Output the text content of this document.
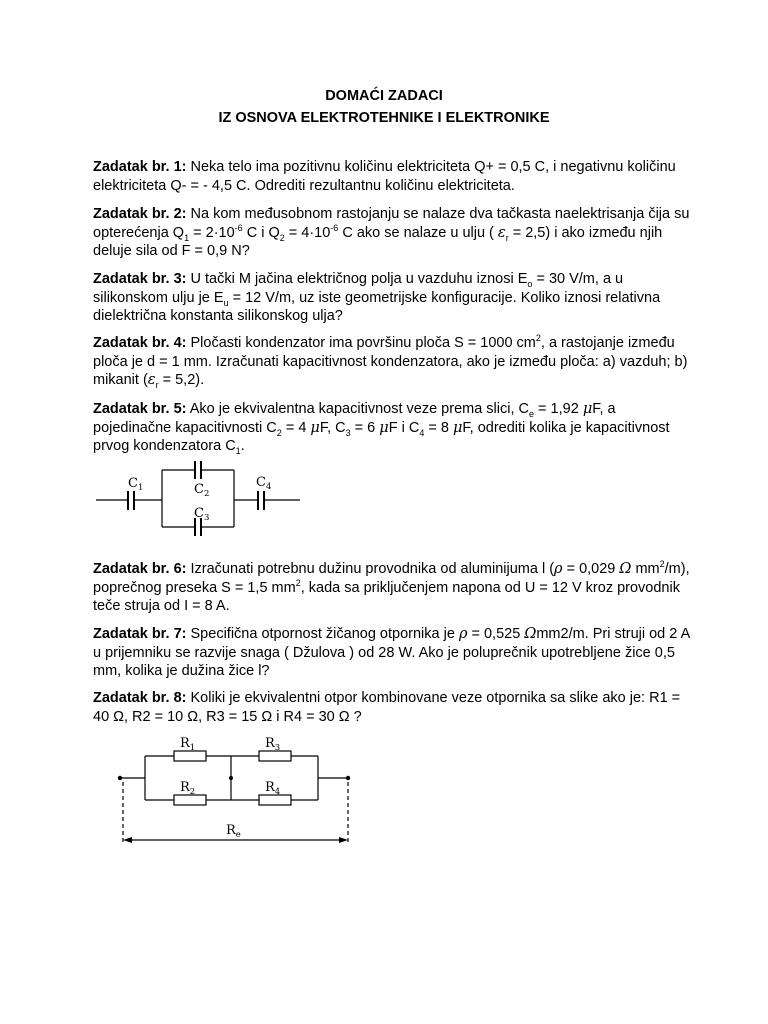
DOMAĆI ZADACI
IZ OSNOVA ELEKTROTEHNIKE I ELEKTRONIKE
Zadatak br. 1: Neka telo ima pozitivnu količinu elektriciteta Q+ = 0,5 C, i negativnu količinu elektriciteta Q- = - 4,5 C. Odrediti rezultantnu količinu elektriciteta.
Zadatak br. 2: Na kom međusobnom rastojanju se nalaze dva tačkasta naelektrisanja čija su opterećenja $Q_1 = 2\cdot 10^{-6}$ C i $Q_2 = 4\cdot 10^{-6}$ C ako se nalaze u ulju ( $\varepsilon_r = 2,5$) i ako između njih deluje sila od F = 0,9 N?
Zadatak br. 3: U tački M jačina električnog polja u vazduhu iznosi $E_o = 30$ V/m, a u silikonskom ulju je $E_u = 12$ V/m, uz iste geometrijske konfiguracije. Koliko iznosi relativna dielektrična konstanta silikonskog ulja?
Zadatak br. 4: Pločasti kondenzator ima površinu ploča S = 1000 $cm^2$, a rastojanje između ploča je d = 1 mm. Izračunati kapacitivnost kondenzatora, ako je između ploča: a) vazduh; b) mikanit $(\varepsilon_r = 5,2)$.
Zadatak br. 5: Ako je ekvivalentna kapacitivnost veze prema slici, $C_e = 1,92$ μF, a pojedinačne kapacitivnosti $C_2 = 4$ μF, $C_3 = 6$ μF i $C_4 = 8$ μF, odrediti kolika je kapacitivnost prvog kondenzatora $C_1$.
$C_1$	$C_2$
$C_3$
$C_4$
Zadatak br. 6: Izračunati potrebnu dužinu provodnika od aluminijuma l (ρ = 0,029 Ω $mm^2/m$), poprečnog preseka S = 1,5 $mm^2$, kada sa priključenjem napona od U = 12 V kroz provodnik teče struja od I = 8 A.
Zadatak br. 7: Specifična otpornost žičanog otpornika je ρ = 0,525 Ωmm2/m. Pri struji od 2 A u prijemniku se razvije snaga ( Džulova ) od 28 W. Ako je poluprečnik upotrebljene žice 0,5 mm, kolika je dužina žice l?
Zadatak br. 8: Koliki je ekvivalentni otpor kombinovane veze otpornika sa slike ako je: R1 = 40 Ω, R2 = 10 Ω, R3 = 15 Ω i R4 = 30 Ω ?
$R_1$
$R_2$
$R_3$
$R_4$
$R_e$
